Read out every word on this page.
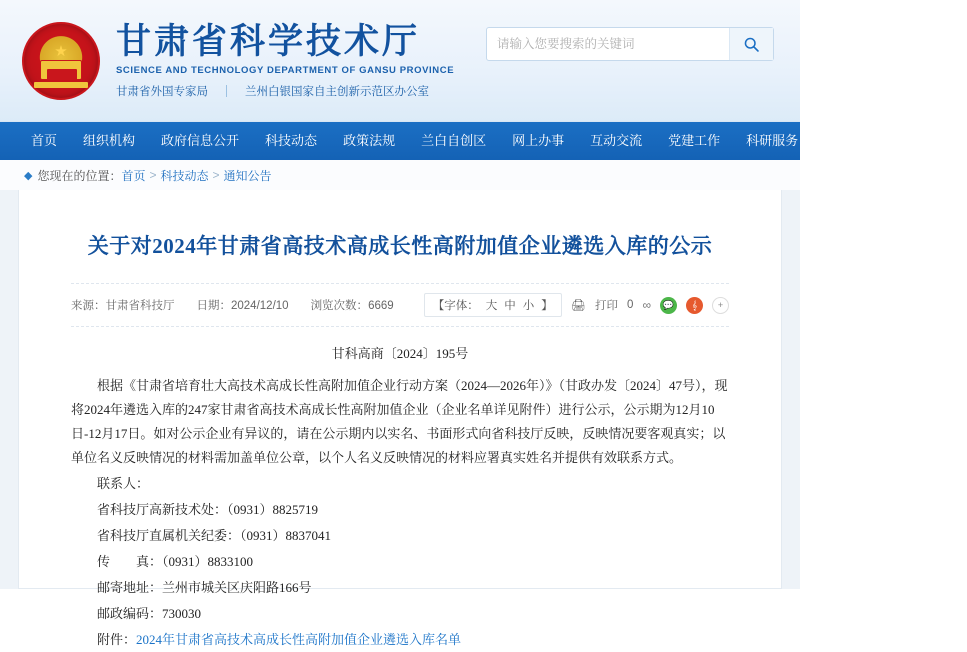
★ 甘肃省科学技术厅
SCIENCE AND TECHNOLOGY DEPARTMENT OF GANSU PROVINCE
甘肃省外国专家局	兰州白银国家自主创新示范区办公室
请输入您要搜索的关键词
首页	组织机构	政府信息公开	科技动态	政策法规	兰白自创区	网上办事	互动交流	党建工作	科研服务	专题专栏	协同办公
◆ 您现在的位置： 首页 > 科技动态 > 通知公告
关于对2024年甘肃省高技术高成长性高附加值企业遴选入库的公示
来源：甘肃省科技厅 日期：2024/12/10 浏览次数：6669	【字体： 大 中 小 】 🖨 打印 0 ∞	💬	𝄞	+
甘科高商〔2024〕195号

根据《甘肃省培育壮大高技术高成长性高附加值企业行动方案（2024—2026年）》（甘政办发〔2024〕47号），现将2024年遴选入库的247家甘肃省高技术高成长性高附加值企业（企业名单详见附件）进行公示，公示期为12月10日-12月17日。如对公示企业有异议的，请在公示期内以实名、书面形式向省科技厅反映，反映情况要客观真实；以单位名义反映情况的材料需加盖单位公章，以个人名义反映情况的材料应署真实姓名并提供有效联系方式。

联系人：

省科技厅高新技术处：（0931）8825719

省科技厅直属机关纪委：（0931）8837041

传　　真：（0931）8833100

邮寄地址：兰州市城关区庆阳路166号

邮政编码：730030

附件：2024年甘肃省高技术高成长性高附加值企业遴选入库名单
